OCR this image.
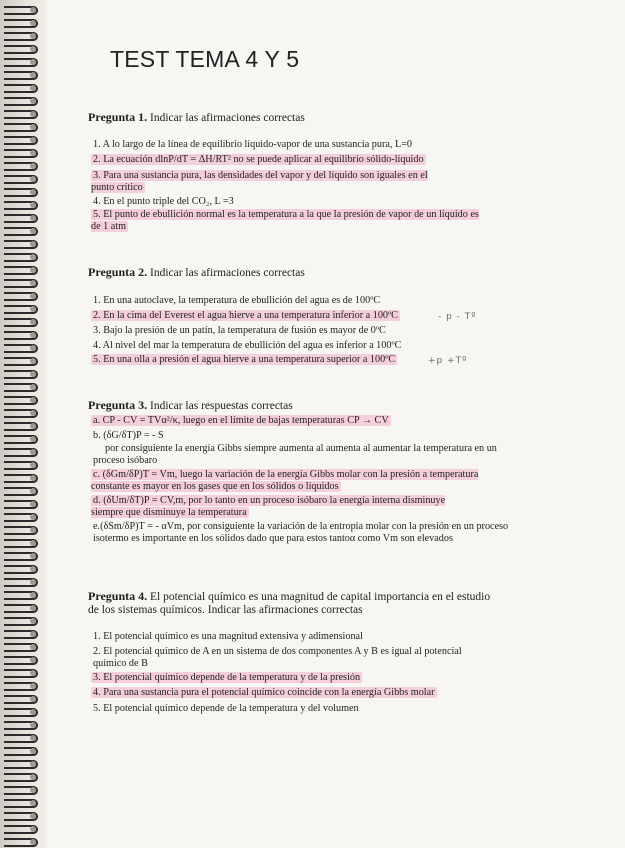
TEST TEMA 4 Y 5
Pregunta 1. Indicar las afirmaciones correctas
1. A lo largo de la línea de equilibrio líquido-vapor de una sustancia pura, L=0
2. La ecuación dlnP/dT = ΔH/RT² no se puede aplicar al equilibrio sólido-líquido
3. Para una sustancia pura, las densidades del vapor y del líquido son iguales en el punto crítico
4. En el punto triple del CO₂, L =3
5. El punto de ebullición normal es la temperatura a la que la presión de vapor de un líquido es de 1 atm
Pregunta 2. Indicar las afirmaciones correctas
1. En una autoclave, la temperatura de ebullición del agua es de 100ºC
2. En la cima del Everest el agua hierve a una temperatura inferior a 100ºC	- p - Tº
3. Bajo la presión de un patín, la temperatura de fusión es mayor de 0ºC
4. Al nivel del mar la temperatura de ebullición del agua es inferior a 100ºC
5. En una olla a presión el agua hierve a una temperatura superior a 100ºC	+p +Tº
Pregunta 3. Indicar las respuestas correctas
a. CP - CV = TVα²/κ, luego en el límite de bajas temperaturas CP → CV
b. (δG/δT)P = - S
por consiguiente la energía Gibbs siempre aumenta al aumenta al aumentar la temperatura en un proceso isóbaro
c. (δGm/δP)T = Vm, luego la variación de la energía Gibbs molar con la presión a temperatura constante es mayor en los gases que en los sólidos o líquidos
d. (δUm/δT)P = CV,m, por lo tanto en un proceso isóbaro la energía interna disminuye siempre que disminuye la temperatura
e.(δSm/δP)T = - αVm, por consiguiente la variación de la entropía molar con la presión en un proceso isotermo es importante en los sólidos dado que para estos tantoα como Vm son elevados
Pregunta 4. El potencial químico es una magnitud de capital importancia en el estudio de los sistemas químicos. Indicar las afirmaciones correctas
1. El potencial químico es una magnitud extensiva y adimensional
2. El potencial químico de A en un sistema de dos componentes A y B es igual al potencial químico de B
3. El potencial químico depende de la temperatura y de la presión
4. Para una sustancia pura el potencial químico coincide con la energía Gibbs molar
5. El potencial químico depende de la temperatura y del volumen
